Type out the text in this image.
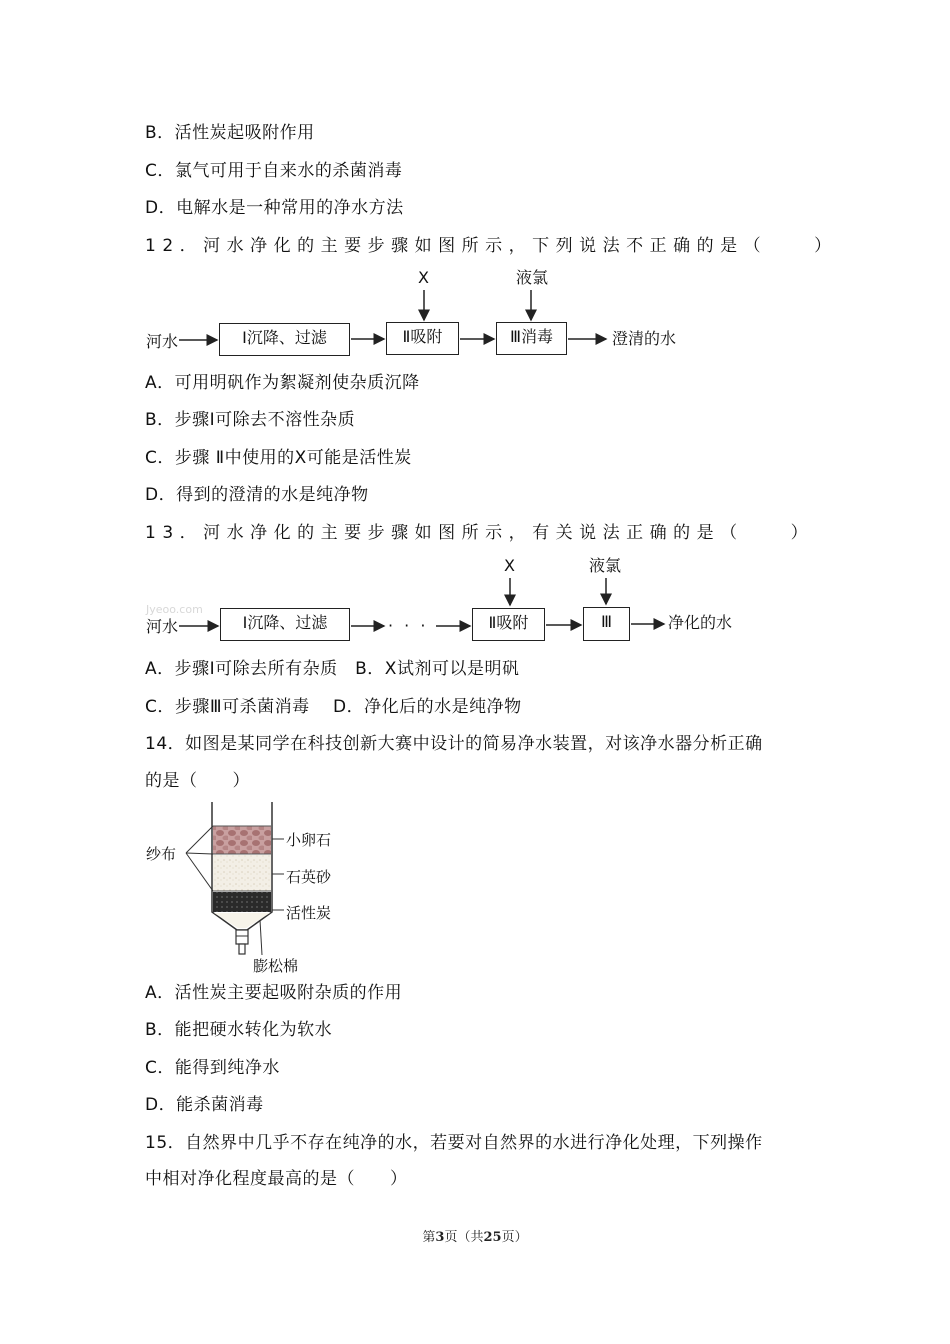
B．活性炭起吸附作用
C．氯气可用于自来水的杀菌消毒
D．电解水是一种常用的净水方法
12．河水净化的主要步骤如图所示，下列说法不正确的是（　　）
X	液氯
河水	Ⅰ沉降、过滤	Ⅱ吸附	Ⅲ消毒	澄清的水
A．可用明矾作为絮凝剂使杂质沉降
B．步骤Ⅰ可除去不溶性杂质
C．步骤 Ⅱ中使用的X可能是活性炭
D．得到的澄清的水是纯净物
13．河水净化的主要步骤如图所示，有关说法正确的是（　　）
X	液氯
Jyeoo.com
河水	Ⅰ沉降、过滤	· · ·	Ⅱ吸附	Ⅲ	净化的水
A．步骤Ⅰ可除去所有杂质　B．X试剂可以是明矾
C．步骤Ⅲ可杀菌消毒　 D．净化后的水是纯净物
14．如图是某同学在科技创新大赛中设计的简易净水装置，对该净水器分析正确
的是（　　）
纱布
小卵石
石英砂
活性炭
膨松棉
A．活性炭主要起吸附杂质的作用
B．能把硬水转化为软水
C．能得到纯净水
D．能杀菌消毒
15．自然界中几乎不存在纯净的水，若要对自然界的水进行净化处理，下列操作
中相对净化程度最高的是（　　）
第3页（共25页）
